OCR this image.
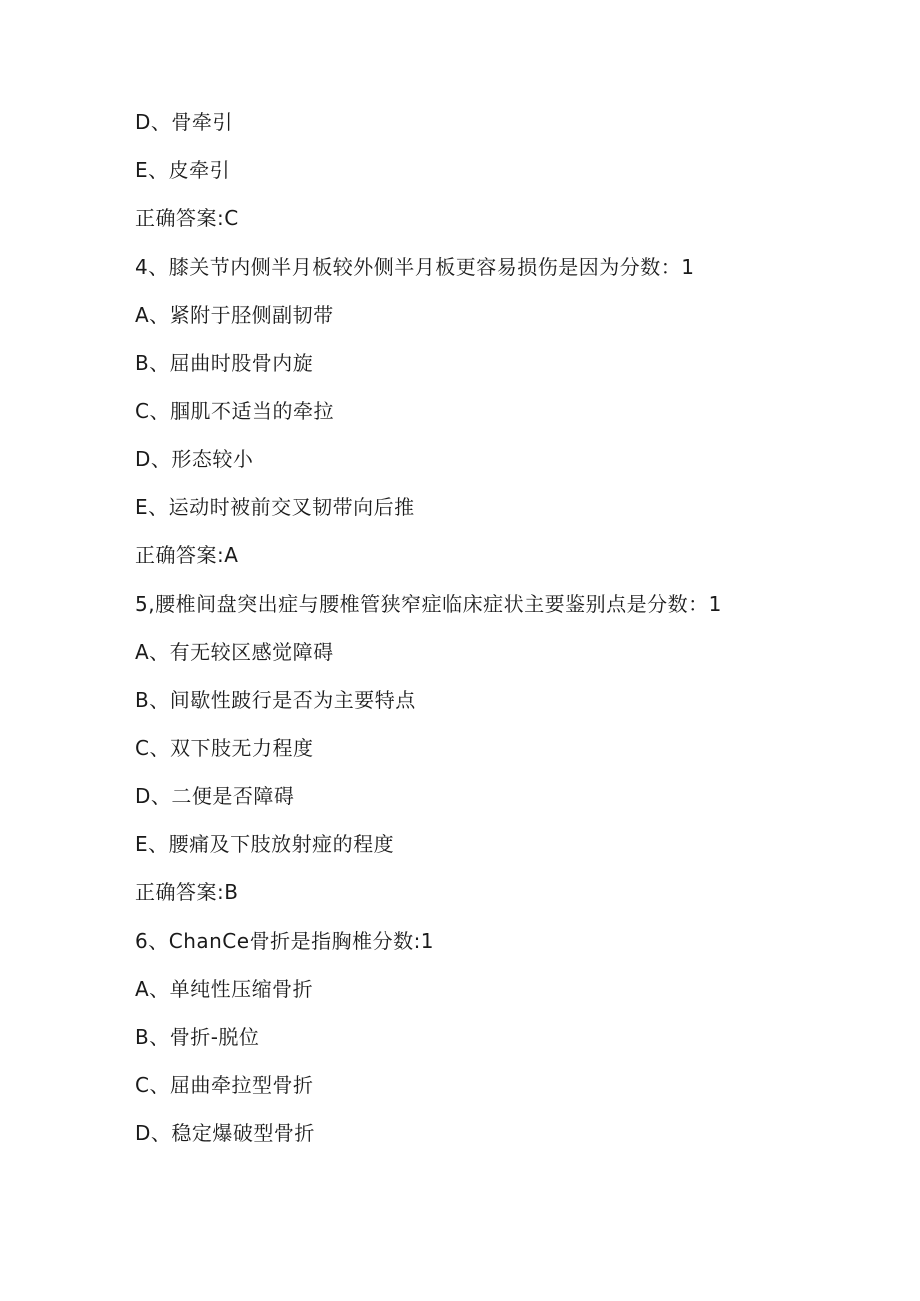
D、骨牵引
E、皮牵引
正确答案:C
4、膝关节内侧半月板较外侧半月板更容易损伤是因为分数：1
A、紧附于胫侧副韧带
B、屈曲时股骨内旋
C、腘肌不适当的牵拉
D、形态较小
E、运动时被前交叉韧带向后推
正确答案:A
5,腰椎间盘突出症与腰椎管狭窄症临床症状主要鉴别点是分数：1
A、有无较区感觉障碍
B、间歇性跛行是否为主要特点
C、双下肢无力程度
D、二便是否障碍
E、腰痛及下肢放射痖的程度
正确答案:B
6、ChanCe骨折是指胸椎分数:1
A、单纯性压缩骨折
B、骨折-脱位
C、屈曲牵拉型骨折
D、稳定爆破型骨折
